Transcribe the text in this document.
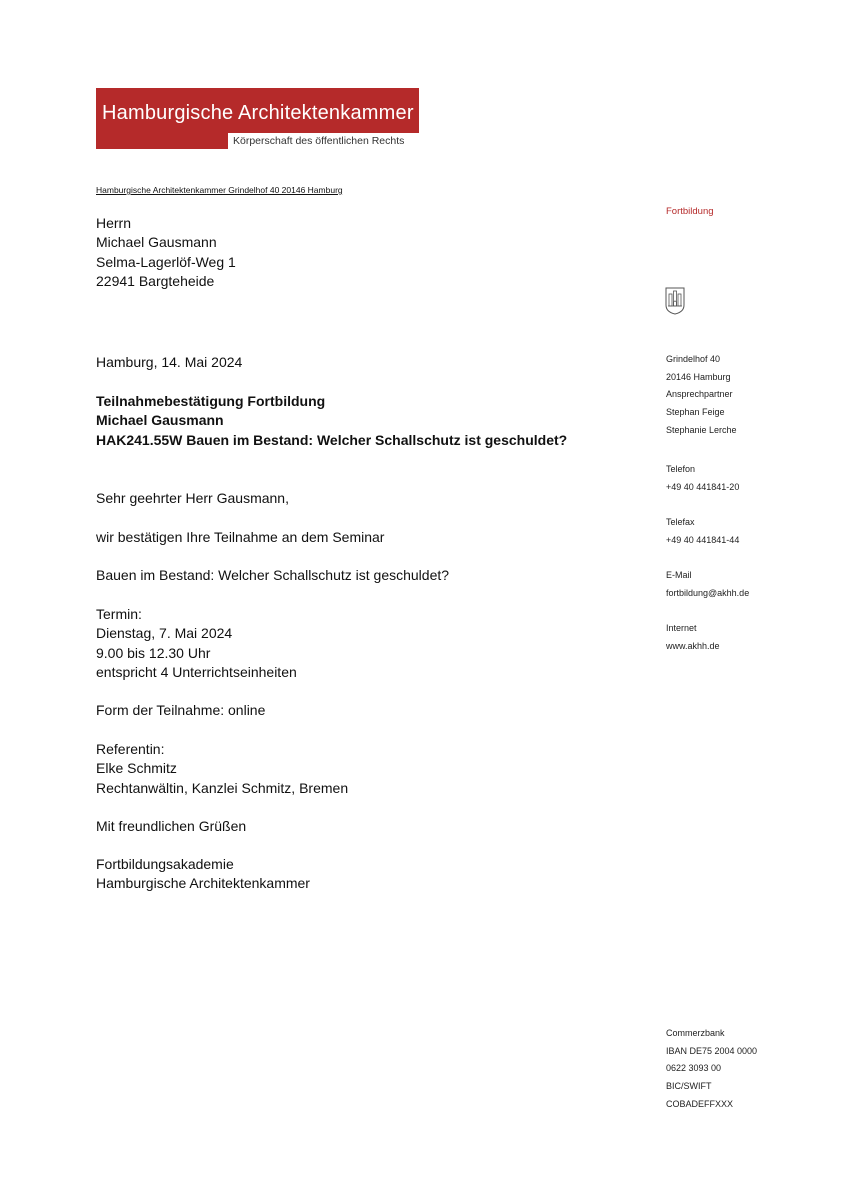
Hamburgische Architektenkammer
Körperschaft des öffentlichen Rechts
Hamburgische Architektenkammer Grindelhof 40 20146 Hamburg
Herrn
Michael Gausmann
Selma-Lagerlöf-Weg 1
22941 Bargteheide
Hamburg, 14. Mai 2024
Teilnahmebestätigung Fortbildung
Michael Gausmann
HAK241.55W Bauen im Bestand: Welcher Schallschutz ist geschuldet?
Sehr geehrter Herr Gausmann,
wir bestätigen Ihre Teilnahme an dem Seminar
Bauen im Bestand: Welcher Schallschutz ist geschuldet?
Termin:
Dienstag, 7. Mai 2024
9.00 bis 12.30 Uhr
entspricht 4 Unterrichtseinheiten
Form der Teilnahme: online
Referentin:
Elke Schmitz
Rechtanwältin, Kanzlei Schmitz, Bremen
Mit freundlichen Grüßen
Fortbildungsakademie
Hamburgische Architektenkammer
Fortbildung
Grindelhof 40
20146 Hamburg
Ansprechpartner
Stephan Feige
Stephanie Lerche
Telefon
+49 40 441841-20
Telefax
+49 40 441841-44
E-Mail
fortbildung@akhh.de
Internet
www.akhh.de
Commerzbank
IBAN DE75 2004 0000
0622 3093 00
BIC/SWIFT
COBADEFFXXX
